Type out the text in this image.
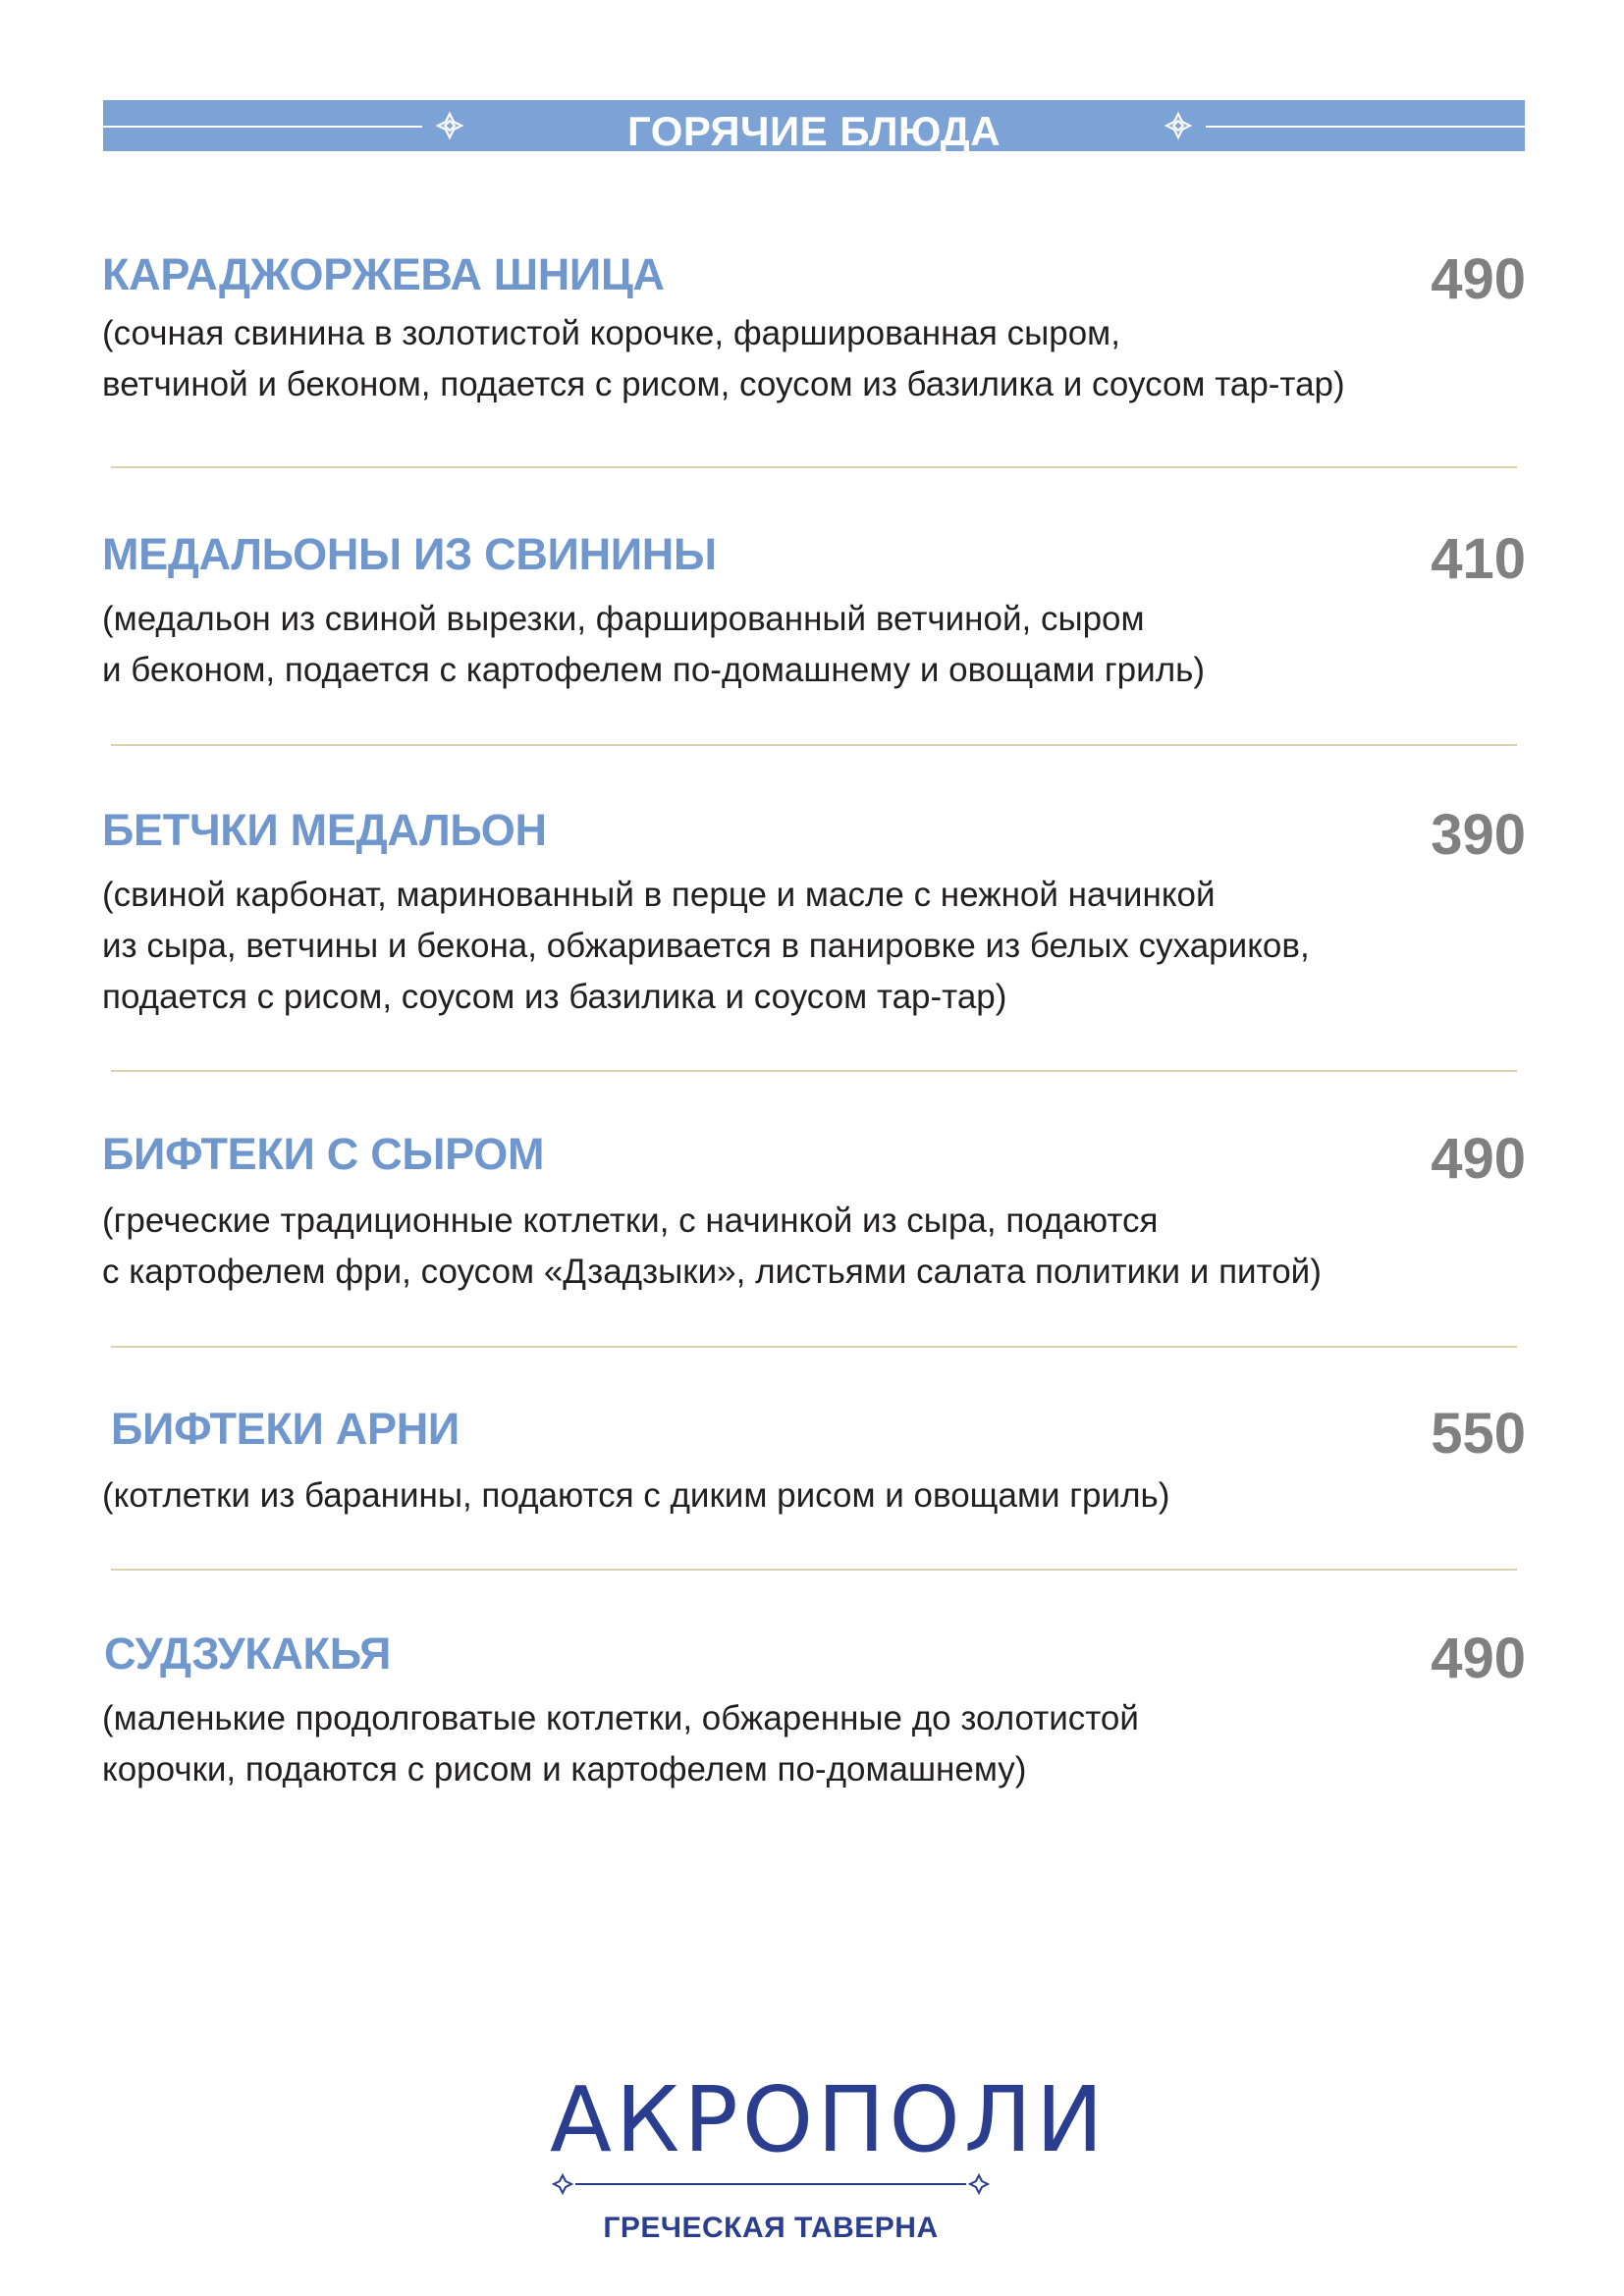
ГОРЯЧИЕ БЛЮДА
КАРАДЖОРЖЕВА ШНИЦА	490
(сочная свинина в золотистой корочке, фаршированная сыром,
ветчиной и беконом, подается с рисом, соусом из базилика и соусом тар-тар)
МЕДАЛЬОНЫ ИЗ СВИНИНЫ	410
(медальон из свиной вырезки, фаршированный ветчиной, сыром
и беконом, подается с картофелем по-домашнему и овощами гриль)
БЕТЧКИ МЕДАЛЬОН	390
(свиной карбонат, маринованный в перце и масле с нежной начинкой
из сыра, ветчины и бекона, обжаривается в панировке из белых сухариков,
подается с рисом, соусом из базилика и соусом тар-тар)
БИФТЕКИ С СЫРОМ	490
(греческие традиционные котлетки, с начинкой из сыра, подаются
с картофелем фри, соусом «Дзадзыки», листьями салата политики и питой)
БИФТЕКИ АРНИ	550
(котлетки из баранины, подаются с диким рисом и овощами гриль)
СУДЗУКАКЬЯ	490
(маленькие продолговатые котлетки, обжаренные до золотистой
корочки, подаются с рисом и картофелем по-домашнему)
АКРОПОЛИ
ГРЕЧЕСКАЯ ТАВЕРНА
